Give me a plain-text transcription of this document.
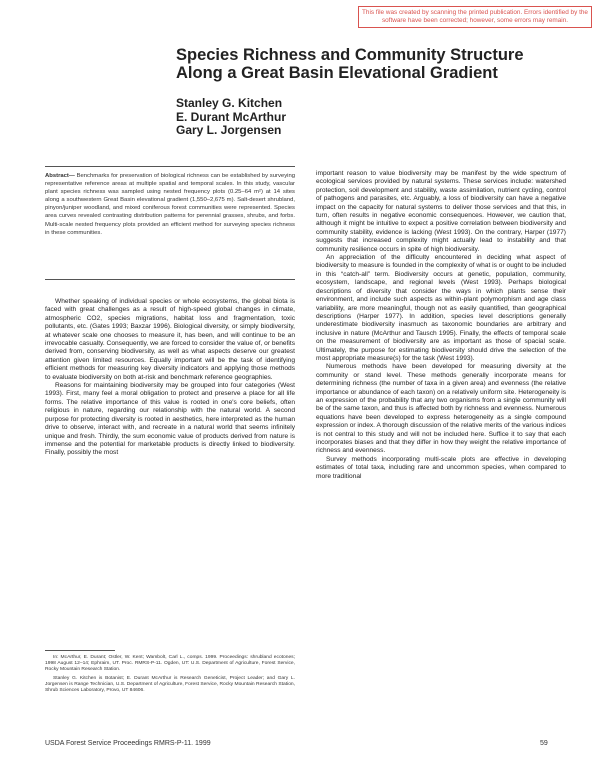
This file was created by scanning the printed publication. Errors identified by the software have been corrected; however, some errors may remain.
Species Richness and Community Structure
Along a Great Basin Elevational Gradient
Stanley G. Kitchen
E. Durant McArthur
Gary L. Jorgensen
Abstract— Benchmarks for preservation of biological richness can be established by surveying representative reference areas at multiple spatial and temporal scales. In this study, vascular plant species richness was sampled using nested frequency plots (0.25–64 m²) at 14 sites along a southwestern Great Basin elevational gradient (1,550–2,675 m). Salt-desert shrubland, pinyon/juniper woodland, and mixed coniferous forest communities were represented. Species area curves revealed contrasting distribution patterns for perennial grasses, shrubs, and forbs. Multi-scale nested frequency plots provided an efficient method for surveying species richness in these communities.

Whether speaking of individual species or whole ecosystems, the global biota is faced with great challenges as a result of high-speed global changes in climate, atmospheric CO2, species migrations, habitat loss and fragmentation, toxic pollutants, etc. (Gates 1993; Baxzar 1996). Biological diversity, or simply biodiversity, at whatever scale one chooses to measure it, has been, and will continue to be an irrevocable casualty. Consequently, we are forced to consider the value of, or benefits derived from, conserving biodiversity, as well as what aspects deserve our greatest attention given limited resources. Equally important will be the task of identifying efficient methods for measuring key diversity indicators and applying those methods to evaluate biodiversity on both at-risk and benchmark reference geographies.

Reasons for maintaining biodiversity may be grouped into four categories (West 1993). First, many feel a moral obligation to protect and preserve a place for all life forms. The relative importance of this value is rooted in one's core beliefs, often religious in nature, regarding our relationship with the natural world. A second purpose for protecting diversity is rooted in aesthetics, here interpreted as the human drive to observe, interact with, and recreate in a natural world that seems infinitely unique and fresh. Thirdly, the sum economic value of products derived from nature is immense and the potential for marketable products is directly linked to biodiversity. Finally, possibly the most

In: McArthur, E. Durant; Ostler, W. Kent; Wambolt, Carl L., comps. 1999. Proceedings: shrubland ecotones; 1998 August 12–14; Ephraim, UT. Proc. RMRS-P-11. Ogden, UT: U.S. Department of Agriculture, Forest Service, Rocky Mountain Research Station.

Stanley G. Kitchen is Botanist; E. Durant McArthur is Research Geneticist, Project Leader; and Gary L. Jorgensen is Range Technician, U.S. Department of Agriculture, Forest Service, Rocky Mountain Research Station, Shrub Sciences Laboratory, Provo, UT 84606.

important reason to value biodiversity may be manifest by the wide spectrum of ecological services provided by natural systems. These services include: watershed protection, soil development and stability, waste assimilation, nutrient cycling, control of pathogens and parasites, etc. Arguably, a loss of biodiversity can have a negative impact on the capacity for natural systems to deliver those services and that this, in turn, often results in negative economic consequences. However, we caution that, although it might be intuitive to expect a positive correlation between biodiversity and community stability, evidence is lacking (West 1993). On the contrary, Harper (1977) suggests that increased complexity might actually lead to instability and that community resilience occurs in spite of high biodiversity.

An appreciation of the difficulty encountered in deciding what aspect of biodiversity to measure is founded in the complexity of what is or ought to be included in this “catch-all” term. Biodiversity occurs at genetic, population, community, ecosystem, landscape, and regional levels (West 1993). Perhaps biological descriptions of diversity that consider the ways in which plants sense their environment, and include such aspects as within-plant polymorphism and age class variability, are more meaningful, though not as easily quantified, than geographical descriptions (Harper 1977). In addition, species level descriptions generally underestimate biodiversity inasmuch as taxonomic boundaries are arbitrary and inclusive in nature (McArthur and Tausch 1995). Finally, the effects of temporal scale on the measurement of biodiversity are as important as those of spacial scale. Ultimately, the purpose for estimating biodiversity should drive the selection of the most appropriate measure(s) for the task (West 1993).

Numerous methods have been developed for measuring diversity at the community or stand level. These methods generally incorporate means for determining richness (the number of taxa in a given area) and evenness (the relative importance or abundance of each taxon) on a relatively uniform site. Heterogeneity is an expression of the probability that any two organisms from a single community will be of the same taxon, and thus is affected both by richness and evenness. Numerous equations have been developed to express heterogeneity as a single compound expression or index. A thorough discussion of the relative merits of the various indices is not central to this study and will not be included here. Suffice it to say that each incorporates biases and that they differ in how they weight the relative importance of richness and evenness.

Survey methods incorporating multi-scale plots are effective in developing estimates of total taxa, including rare and uncommon species, when compared to more traditional

USDA Forest Service Proceedings RMRS-P-11. 1999	59
